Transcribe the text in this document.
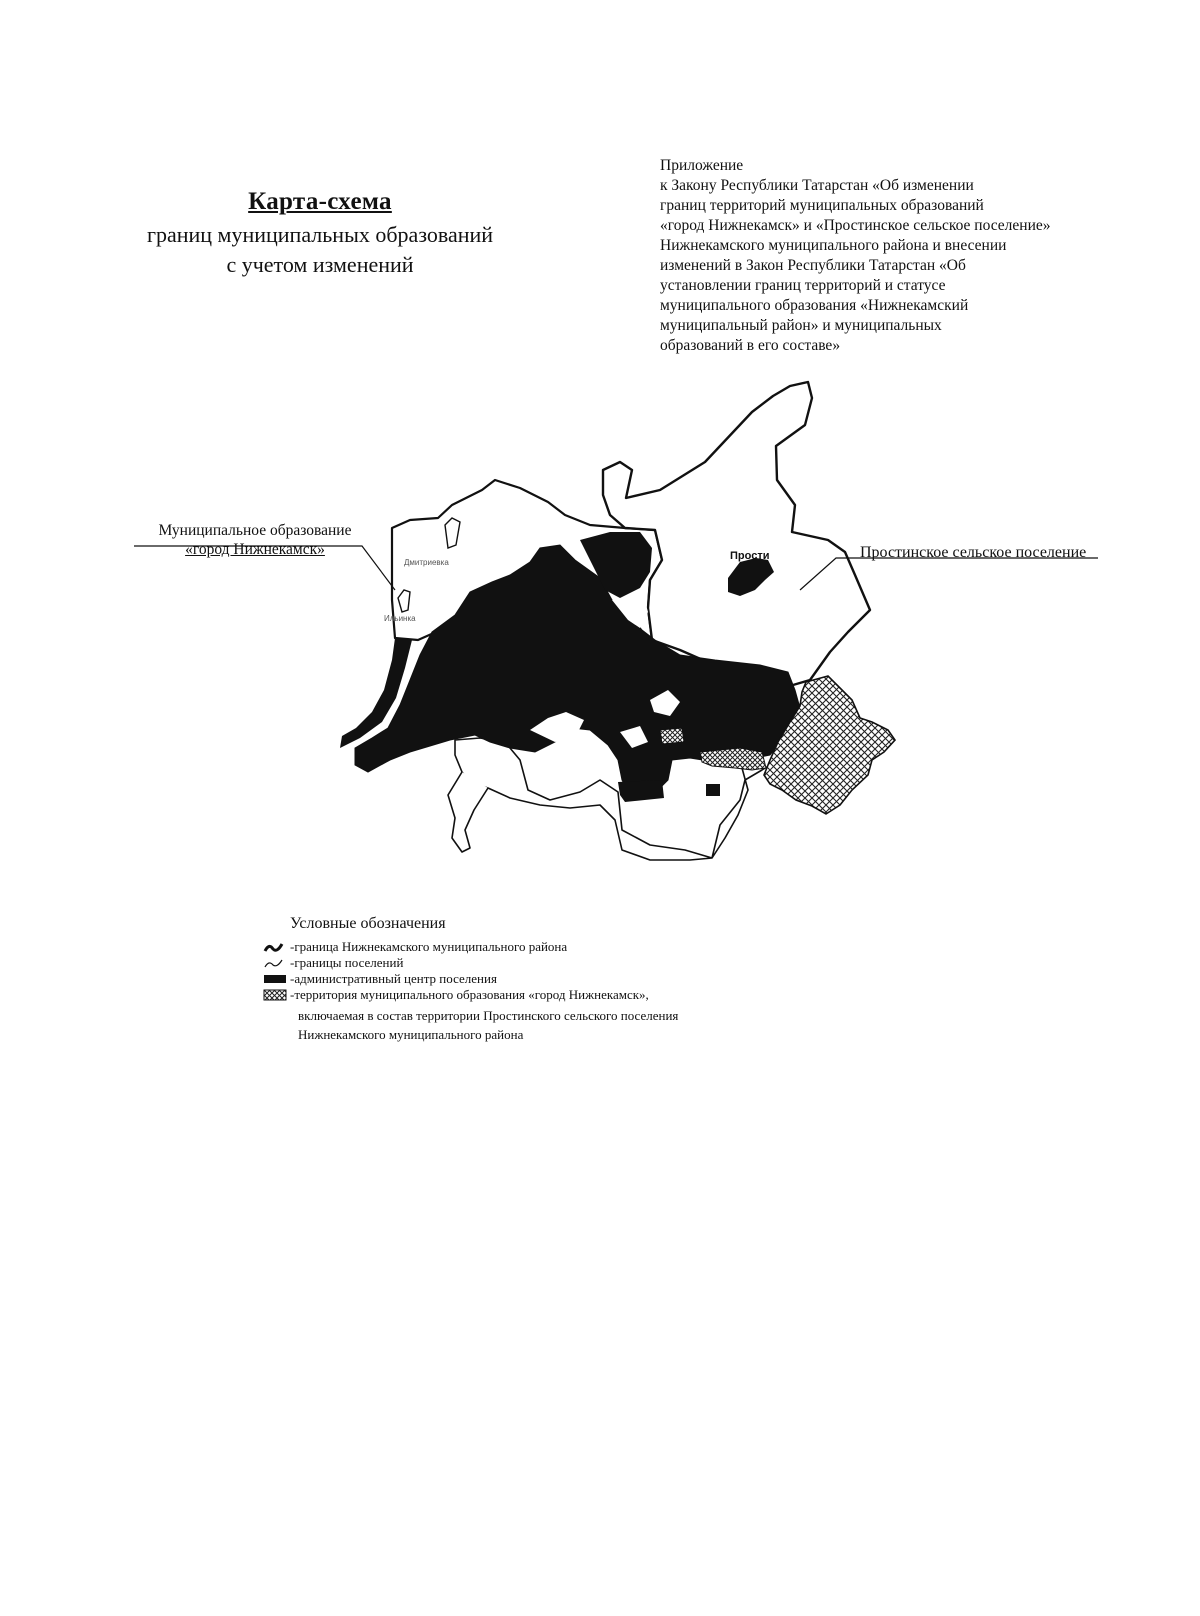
Карта-схема
границ муниципальных образований
с учетом изменений
Приложение
к Закону Республики Татарстан «Об изменении
границ территорий муниципальных образований
«город Нижнекамск» и «Простинское сельское поселение»
Нижнекамского муниципального района и внесении
изменений в Закон Республики Татарстан «Об
установлении границ территорий и статусе
муниципального образования «Нижнекамский
муниципальный район» и муниципальных
образований в его составе»
Муниципальное образование
«город Нижнекамск»	Простинское сельское поселение
Прости
Дмитриевка
Ильинка
Условные обозначения
-граница Нижнекамского муниципального района
-границы поселений
-административный центр поселения
-территория муниципального образования «город Нижнекамск»,
включаемая в состав территории Простинского сельского поселения
Нижнекамского муниципального района
